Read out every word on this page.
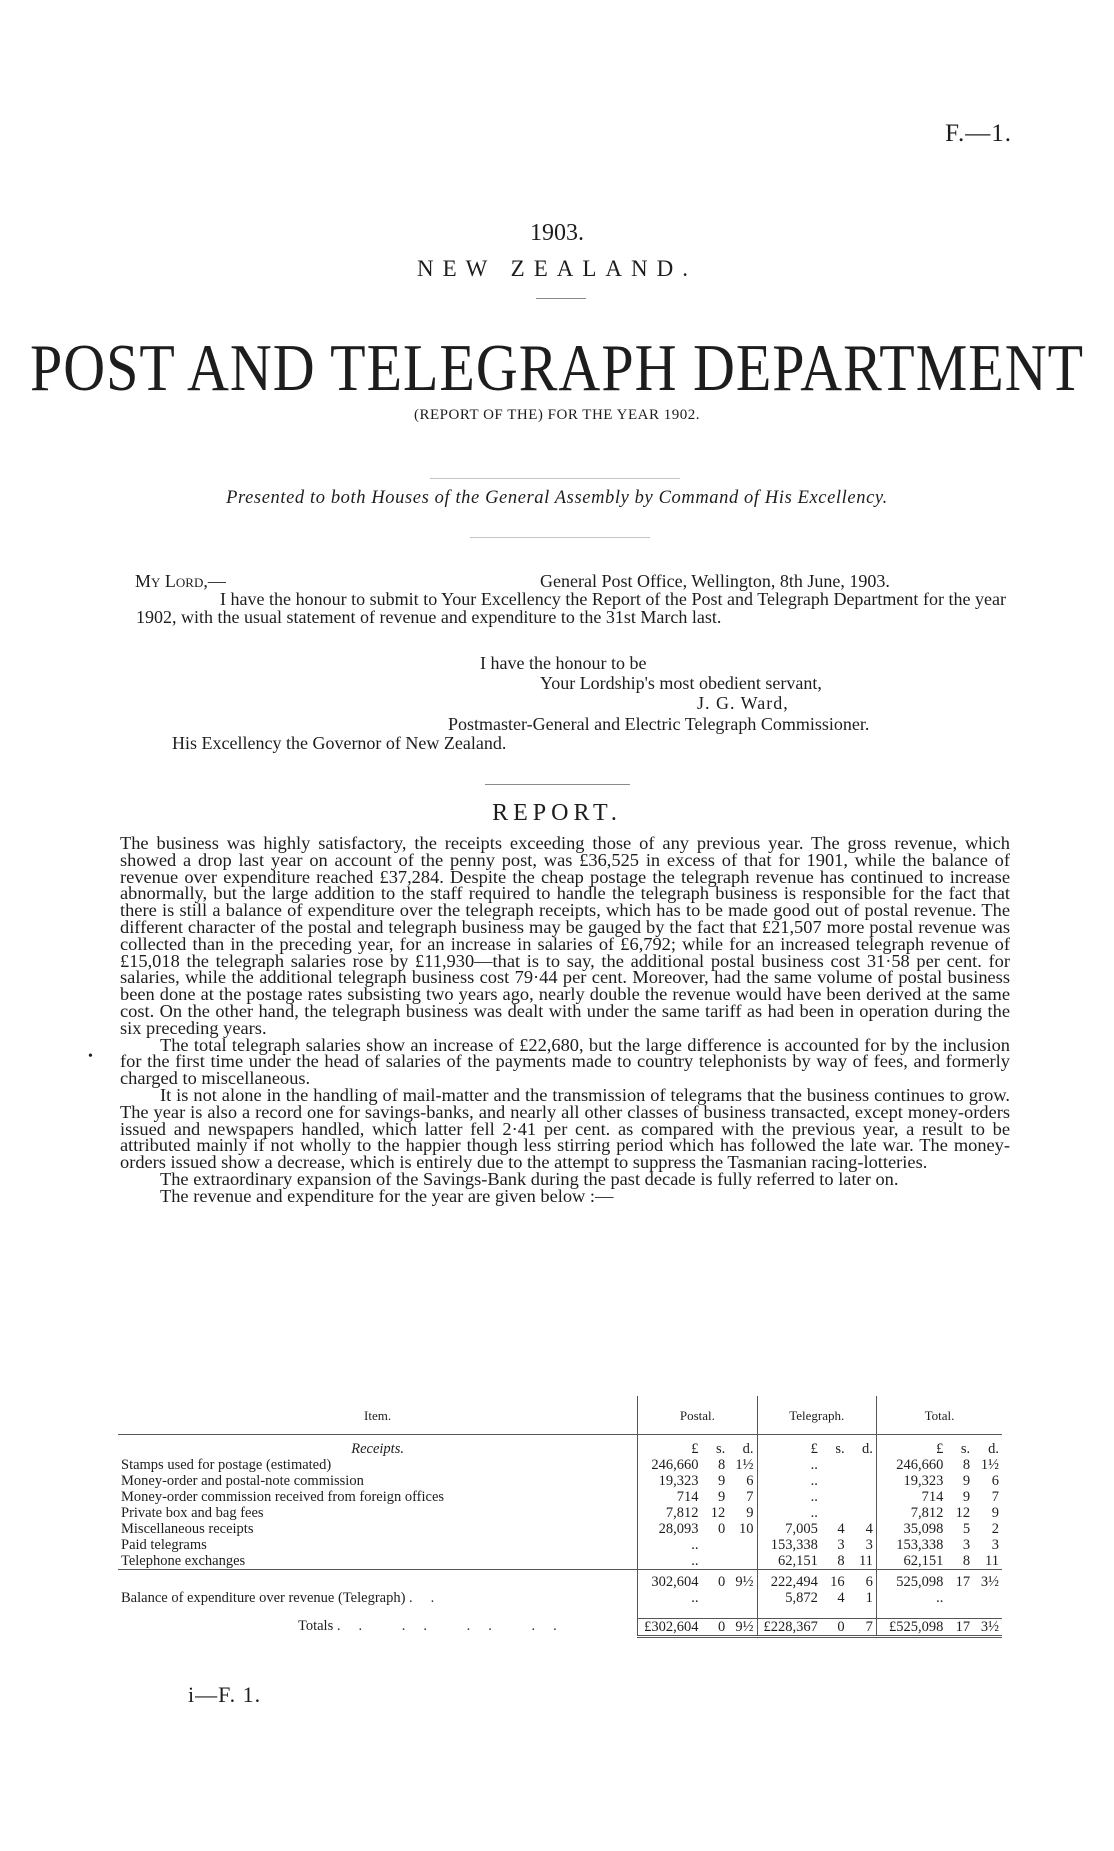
F.—1.
1903.
NEW ZEALAND.
POST AND TELEGRAPH DEPARTMENT
(REPORT OF THE) FOR THE YEAR 1902.
Presented to both Houses of the General Assembly by Command of His Excellency.
My Lord,—	General Post Office, Wellington, 8th June, 1903.
I have the honour to submit to Your Excellency the Report of the Post and Telegraph Department for the year 1902, with the usual statement of revenue and expenditure to the 31st March last.
I have the honour to be
Your Lordship's most obedient servant,
J. G. Ward,
Postmaster-General and Electric Telegraph Commissioner.
His Excellency the Governor of New Zealand.
REPORT.

The business was highly satisfactory, the receipts exceeding those of any previous year. The gross revenue, which showed a drop last year on account of the penny post, was £36,525 in excess of that for 1901, while the balance of revenue over expenditure reached £37,284. Despite the cheap postage the telegraph revenue has continued to increase abnormally, but the large addition to the staff required to handle the telegraph business is responsible for the fact that there is still a balance of expenditure over the telegraph receipts, which has to be made good out of postal revenue. The different character of the postal and telegraph business may be gauged by the fact that £21,507 more postal revenue was collected than in the preceding year, for an increase in salaries of £6,792; while for an increased telegraph revenue of £15,018 the telegraph salaries rose by £11,930—that is to say, the additional postal business cost 31·58 per cent. for salaries, while the additional telegraph business cost 79·44 per cent. Moreover, had the same volume of postal business been done at the postage rates subsisting two years ago, nearly double the revenue would have been derived at the same cost. On the other hand, the telegraph business was dealt with under the same tariff as had been in operation during the six preceding years.

The total telegraph salaries show an increase of £22,680, but the large difference is accounted for by the inclusion for the first time under the head of salaries of the payments made to country telephonists by way of fees, and formerly charged to miscellaneous.

It is not alone in the handling of mail-matter and the transmission of telegrams that the business continues to grow. The year is also a record one for savings-banks, and nearly all other classes of business transacted, except money-orders issued and newspapers handled, which latter fell 2·41 per cent. as compared with the previous year, a result to be attributed mainly if not wholly to the happier though less stirring period which has followed the late war. The money-orders issued show a decrease, which is entirely due to the attempt to suppress the Tasmanian racing-lotteries.

The extraordinary expansion of the Savings-Bank during the past decade is fully referred to later on.

The revenue and expenditure for the year are given below :—

•
Item.	Postal.			Telegraph.			Total.		
Receipts.	£	s.	d.	£	s.	d.	£	s.	d.
Stamps used for postage (estimated)	246,660	8	1½	..			246,660	8	1½
Money-order and postal-note commission	19,323	9	6	..			19,323	9	6
Money-order commission received from foreign offices	714	9	7	..			714	9	7
Private box and bag fees	7,812	12	9	..			7,812	12	9
Miscellaneous receipts	28,093	0	10	7,005	4	4	35,098	5	2
Paid telegrams	..			153,338	3	3	153,338	3	3
Telephone exchanges	..			62,151	8	11	62,151	8	11
	302,604	0	9½	222,494	16	6	525,098	17	3½
Balance of expenditure over revenue (Telegraph) ..	..			5,872	4	1	..		
Totals .. .. .. ..	£302,604	0	9½	£228,367	0	7	£525,098	17	3½
i—F. 1.
